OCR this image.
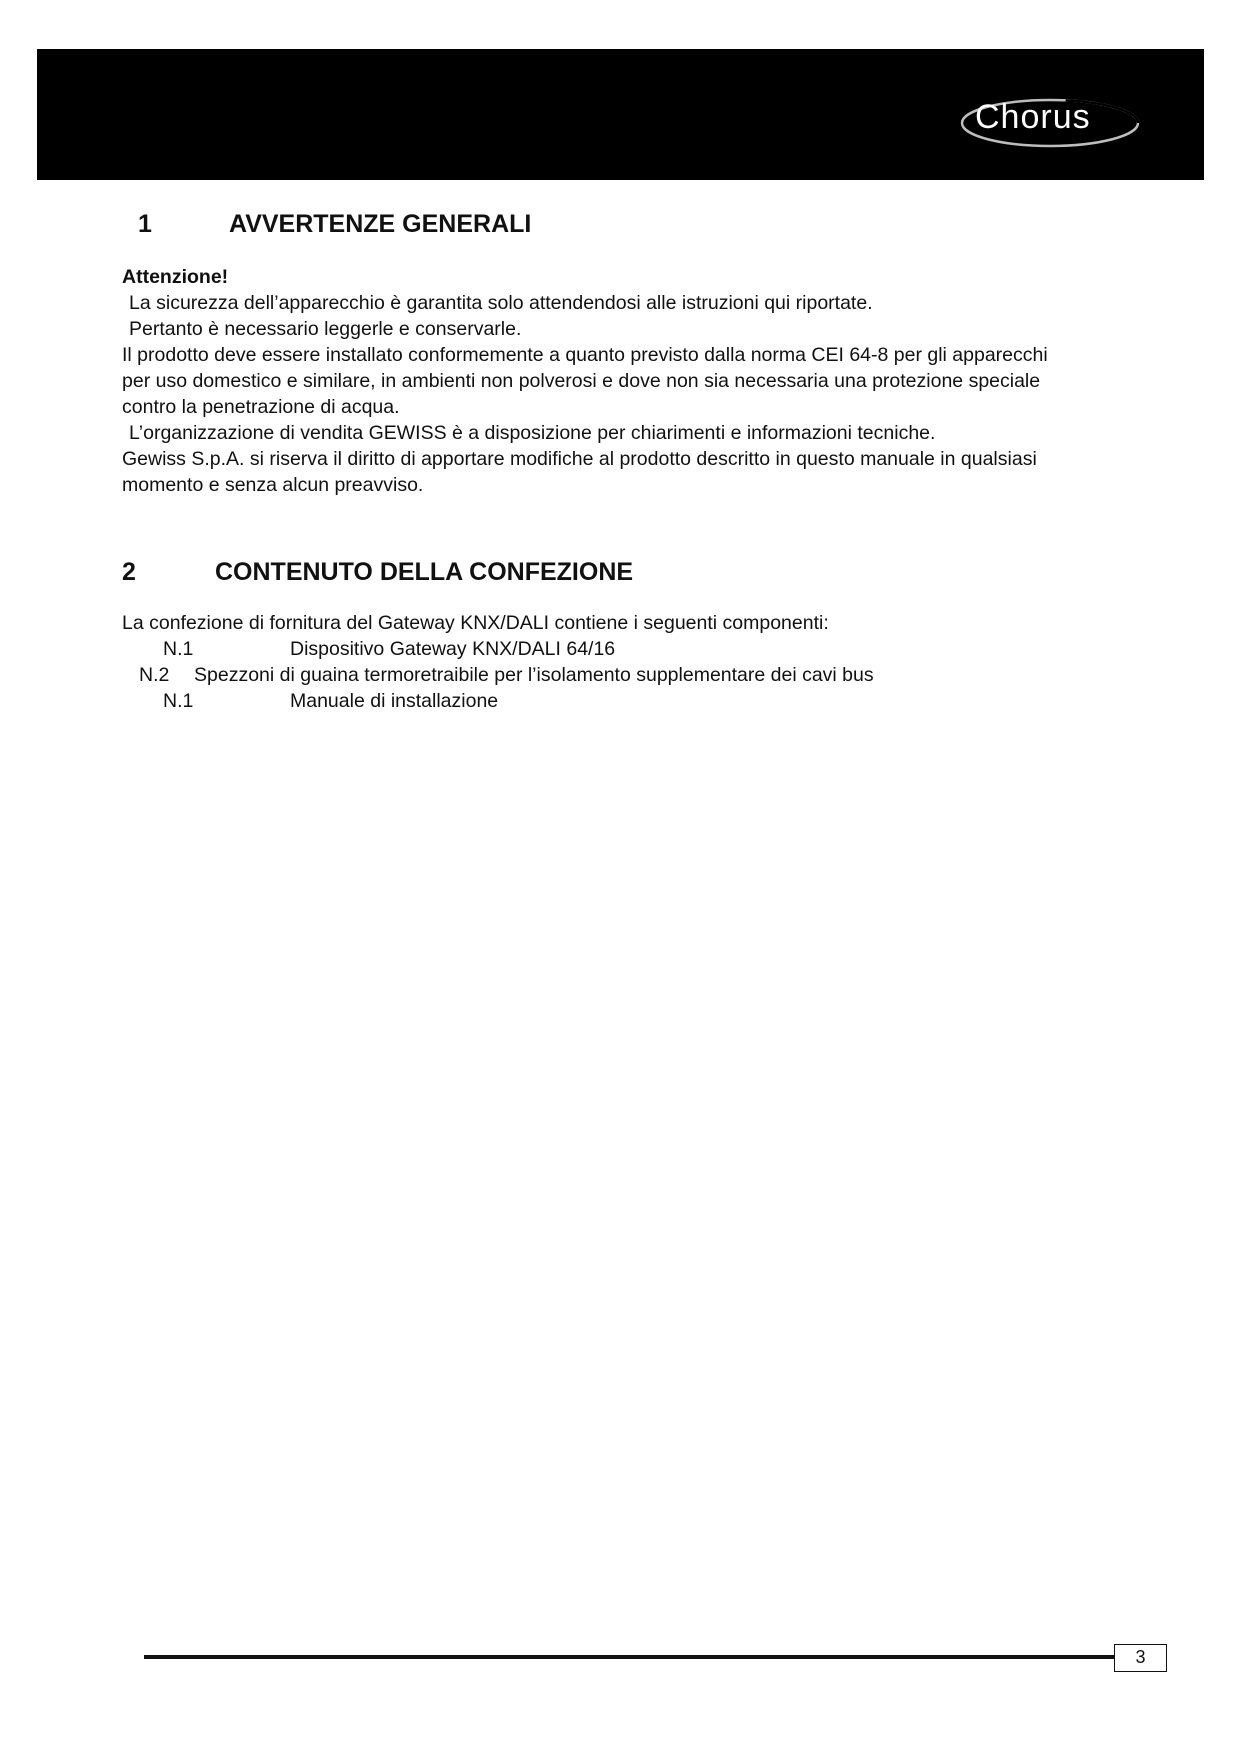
Chorus
1	AVVERTENZE GENERALI
Attenzione!
La sicurezza dell’apparecchio è garantita solo attendendosi alle istruzioni qui riportate.
Pertanto è necessario leggerle e conservarle.
Il prodotto deve essere installato conformemente a quanto previsto dalla norma CEI 64-8 per gli apparecchi
per uso domestico e similare, in ambienti non polverosi e dove non sia necessaria una protezione speciale
contro la penetrazione di acqua.
L’organizzazione di vendita GEWISS è a disposizione per chiarimenti e informazioni tecniche.
Gewiss S.p.A. si riserva il diritto di apportare modifiche al prodotto descritto in questo manuale in qualsiasi
momento e senza alcun preavviso.
2	CONTENUTO DELLA CONFEZIONE
La confezione di fornitura del Gateway KNX/DALI contiene i seguenti componenti:
N.1	Dispositivo Gateway KNX/DALI 64/16
N.2 Spezzoni di guaina termoretraibile per l’isolamento supplementare dei cavi bus
N.1	Manuale di installazione
3
